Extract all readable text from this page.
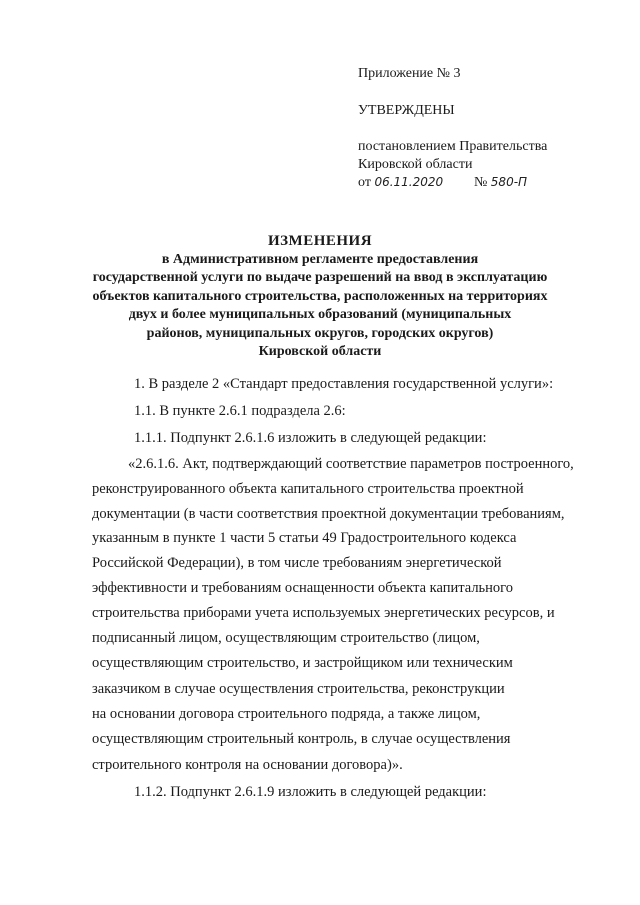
Приложение № 3
УТВЕРЖДЕНЫ
постановлением Правительства
Кировской области
от 06.11.2020 № 580-П
ИЗМЕНЕНИЯ
в Административном регламенте предоставления
государственной услуги по выдаче разрешений на ввод в эксплуатацию
объектов капитального строительства, расположенных на территориях
двух и более муниципальных образований (муниципальных
районов, муниципальных округов, городских округов)
Кировской области
1. В разделе 2 «Стандарт предоставления государственной услуги»:
1.1. В пункте 2.6.1 подраздела 2.6:
1.1.1. Подпункт 2.6.1.6 изложить в следующей редакции:
«2.6.1.6. Акт, подтверждающий соответствие параметров построенного,
реконструированного объекта капитального строительства проектной
документации (в части соответствия проектной документации требованиям,
указанным в пункте 1 части 5 статьи 49 Градостроительного кодекса
Российской Федерации), в том числе требованиям энергетической
эффективности и требованиям оснащенности объекта капитального
строительства приборами учета используемых энергетических ресурсов, и
подписанный лицом, осуществляющим строительство (лицом,
осуществляющим строительство, и застройщиком или техническим
заказчиком в случае осуществления строительства, реконструкции
на основании договора строительного подряда, а также лицом,
осуществляющим строительный контроль, в случае осуществления
строительного контроля на основании договора)».
1.1.2. Подпункт 2.6.1.9 изложить в следующей редакции:
